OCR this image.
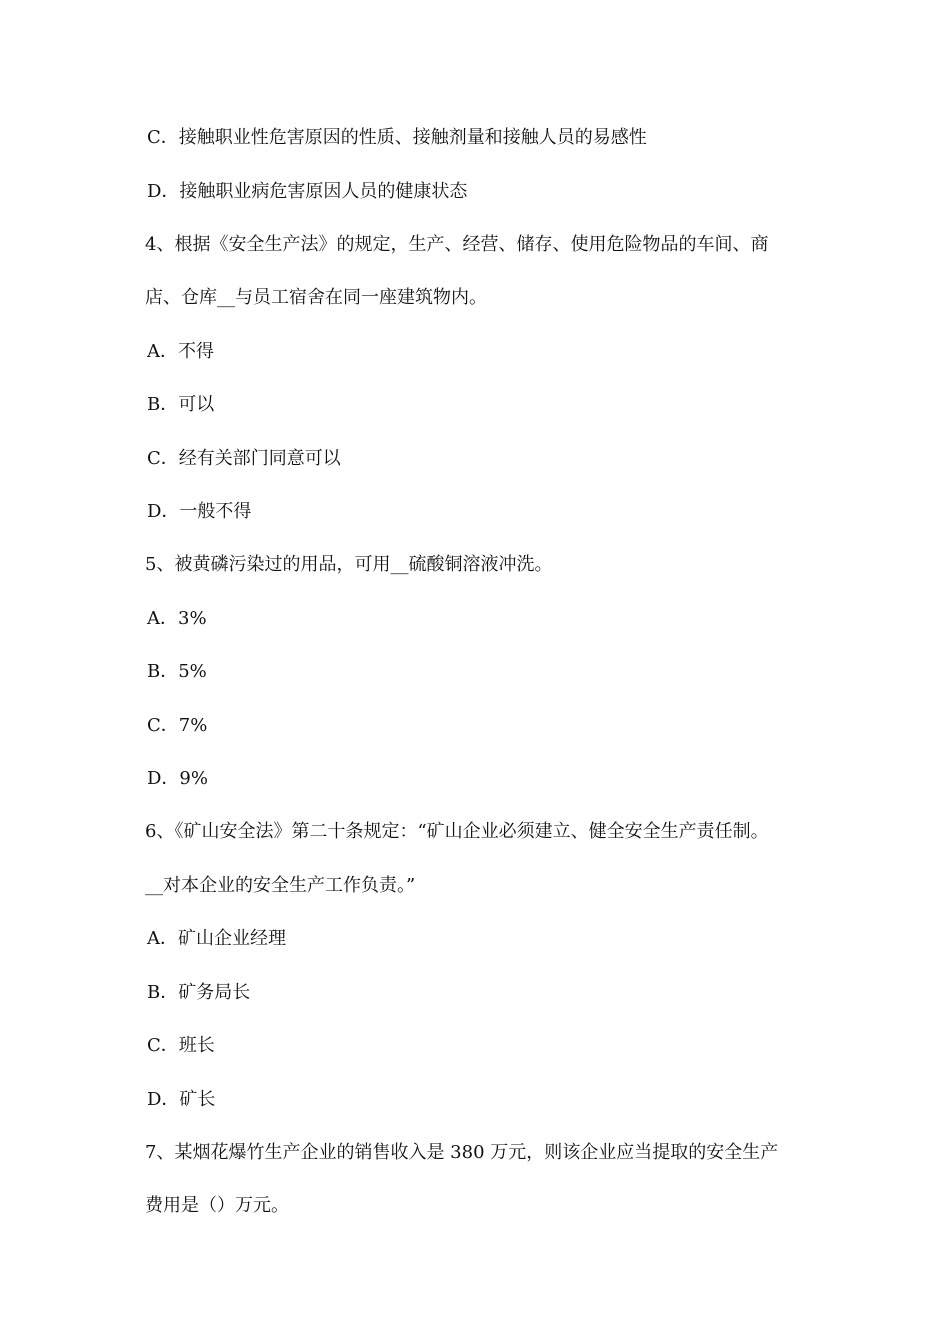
C．接触职业性危害原因的性质、接触剂量和接触人员的易感性
D．接触职业病危害原因人员的健康状态
4、根据《安全生产法》的规定，生产、经营、储存、使用危险物品的车间、商
店、仓库__与员工宿舍在同一座建筑物内。
A．不得
B．可以
C．经有关部门同意可以
D．一般不得
5、被黄磷污染过的用品，可用__硫酸铜溶液冲洗。
A．3%
B．5%
C．7%
D．9%
6、《矿山安全法》第二十条规定：“矿山企业必须建立、健全安全生产责任制。
__对本企业的安全生产工作负责。”
A．矿山企业经理
B．矿务局长
C．班长
D．矿长
7、某烟花爆竹生产企业的销售收入是 380 万元，则该企业应当提取的安全生产
费用是（）万元。
